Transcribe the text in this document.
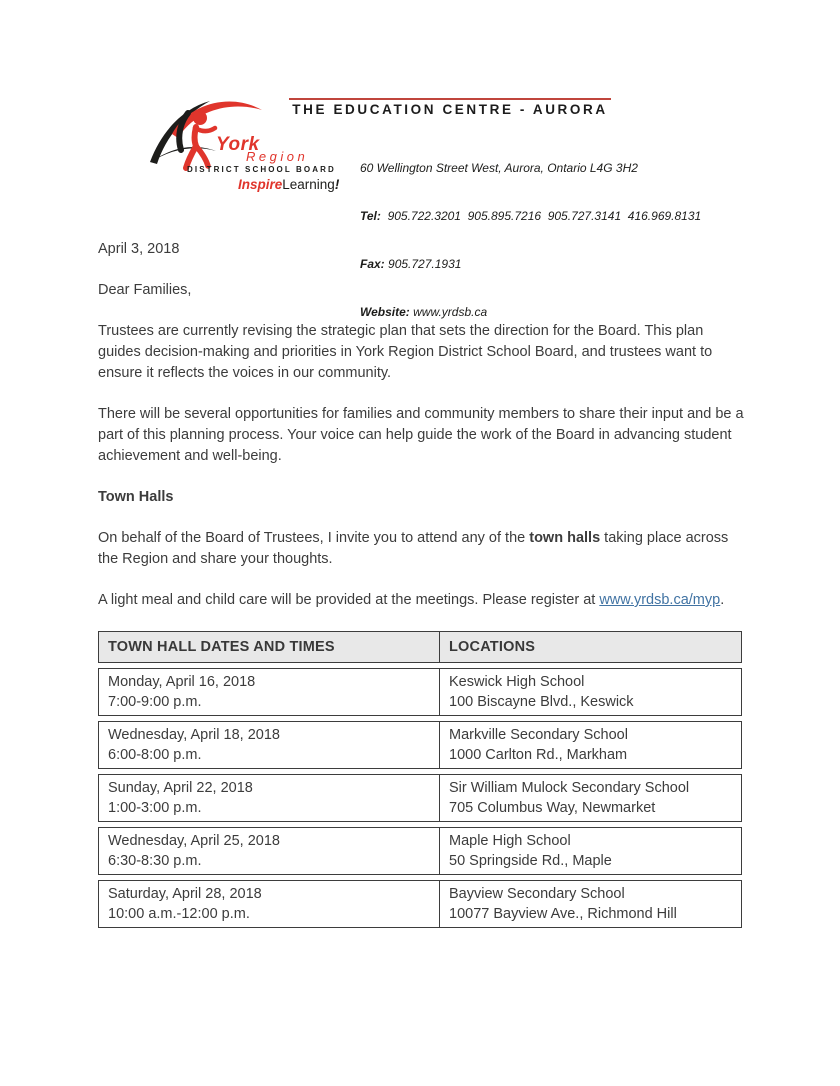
York
Region
DISTRICT SCHOOL BOARD
InspireLearning!
THE EDUCATION CENTRE - AURORA

60 Wellington Street West, Aurora, Ontario L4G 3H2

Tel: 905.722.3201  905.895.7216  905.727.3141  416.969.8131

Fax: 905.727.1931

Website: www.yrdsb.ca

April 3, 2018

Dear Families,

Trustees are currently revising the strategic plan that sets the direction for the Board. This plan guides decision-making and priorities in York Region District School Board, and trustees want to ensure it reflects the voices in our community.

There will be several opportunities for families and community members to share their input and be a part of this planning process. Your voice can help guide the work of the Board in advancing student achievement and well-being.

Town Halls

On behalf of the Board of Trustees, I invite you to attend any of the town halls taking place across the Region and share your thoughts.

A light meal and child care will be provided at the meetings. Please register at www.yrdsb.ca/myp.

TOWN HALL DATES AND TIMES	LOCATIONS

Monday, April 16, 2018
7:00-9:00 p.m.	Keswick High School
100 Biscayne Blvd., Keswick

Wednesday, April 18, 2018
6:00-8:00 p.m.	Markville Secondary School
1000 Carlton Rd., Markham

Sunday, April 22, 2018
1:00-3:00 p.m.	Sir William Mulock Secondary School
705 Columbus Way, Newmarket

Wednesday, April 25, 2018
6:30-8:30 p.m.	Maple High School
50 Springside Rd., Maple

Saturday, April 28, 2018
10:00 a.m.-12:00 p.m.	Bayview Secondary School
10077 Bayview Ave., Richmond Hill
